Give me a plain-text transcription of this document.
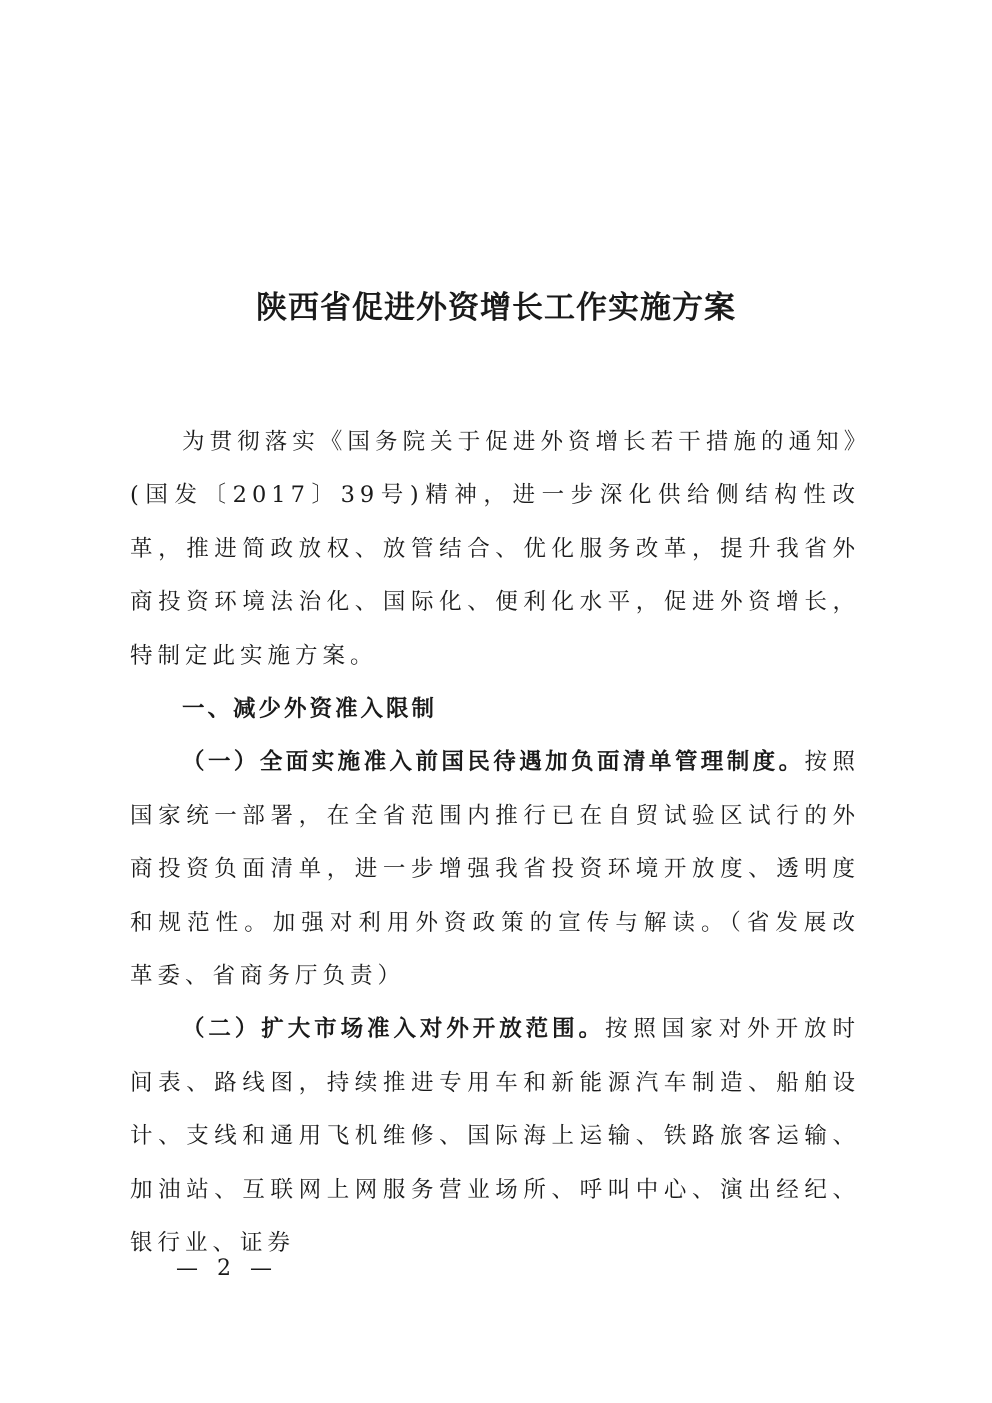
陕西省促进外资增长工作实施方案

为贯彻落实《国务院关于促进外资增长若干措施的通知》(国发〔2017〕39号)精神，进一步深化供给侧结构性改革，推进简政放权、放管结合、优化服务改革，提升我省外商投资环境法治化、国际化、便利化水平，促进外资增长，特制定此实施方案。

一、减少外资准入限制

（一）全面实施准入前国民待遇加负面清单管理制度。按照国家统一部署，在全省范围内推行已在自贸试验区试行的外商投资负面清单，进一步增强我省投资环境开放度、透明度和规范性。加强对利用外资政策的宣传与解读。（省发展改革委、省商务厅负责）

（二）扩大市场准入对外开放范围。按照国家对外开放时间表、路线图，持续推进专用车和新能源汽车制造、船舶设计、支线和通用飞机维修、国际海上运输、铁路旅客运输、加油站、互联网上网服务营业场所、呼叫中心、演出经纪、银行业、证券

— 2 —
